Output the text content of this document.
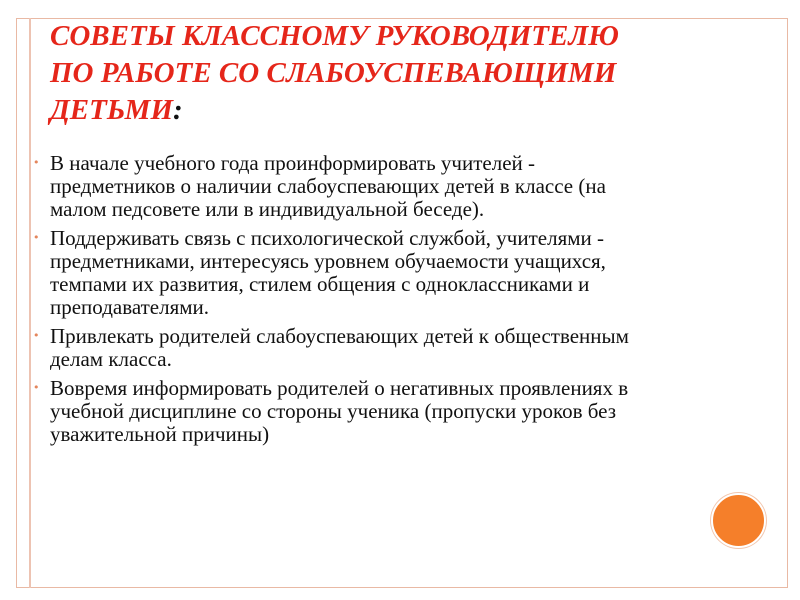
СОВЕТЫ КЛАССНОМУ РУКОВОДИТЕЛЮ
ПО РАБОТЕ СО СЛАБОУСПЕВАЮЩИМИ
ДЕТЬМИ:
• В начале учебного года проинформировать учителей -
предметников о наличии слабоуспевающих детей в классе (на
малом педсовете или в индивидуальной беседе).
• Поддерживать связь с психологической службой, учителями -
предметниками, интересуясь уровнем обучаемости учащихся,
темпами их развития, стилем общения с одноклассниками и
преподавателями.
• Привлекать родителей слабоуспевающих детей к общественным
делам класса.
• Вовремя информировать родителей о негативных проявлениях в
учебной дисциплине со стороны ученика (пропуски уроков без
уважительной причины)
